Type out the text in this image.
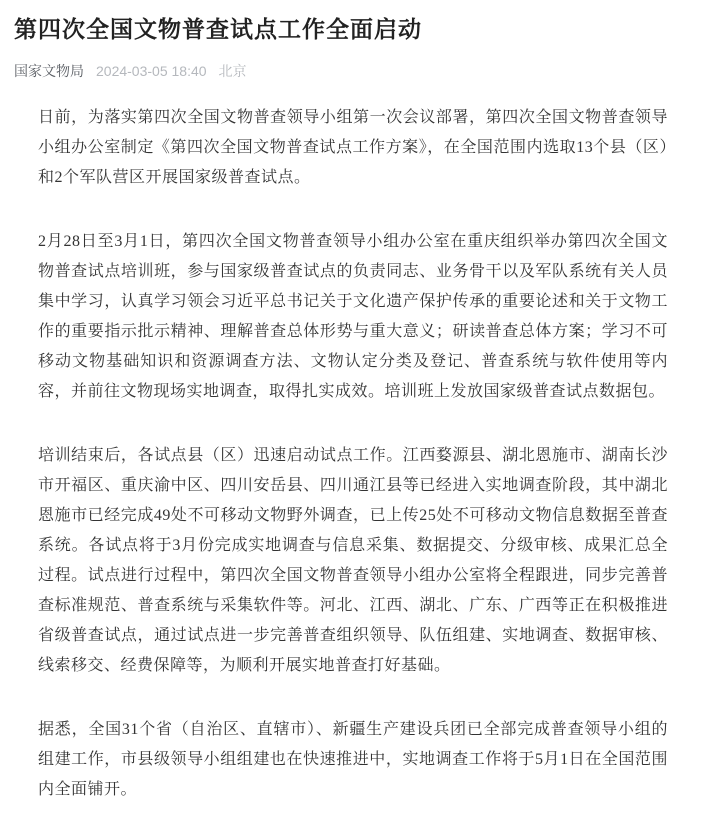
第四次全国文物普查试点工作全面启动
国家文物局 2024-03-05 18:40 北京

日前，为落实第四次全国文物普查领导小组第一次会议部署，第四次全国文物普查领导小组办公室制定《第四次全国文物普查试点工作方案》，在全国范围内选取13个县（区）和2个军队营区开展国家级普查试点。

2月28日至3月1日，第四次全国文物普查领导小组办公室在重庆组织举办第四次全国文物普查试点培训班，参与国家级普查试点的负责同志、业务骨干以及军队系统有关人员集中学习，认真学习领会习近平总书记关于文化遗产保护传承的重要论述和关于文物工作的重要指示批示精神、理解普查总体形势与重大意义；研读普查总体方案；学习不可移动文物基础知识和资源调查方法、文物认定分类及登记、普查系统与软件使用等内容，并前往文物现场实地调查，取得扎实成效。培训班上发放国家级普查试点数据包。

培训结束后，各试点县（区）迅速启动试点工作。江西婺源县、湖北恩施市、湖南长沙市开福区、重庆渝中区、四川安岳县、四川通江县等已经进入实地调查阶段，其中湖北恩施市已经完成49处不可移动文物野外调查，已上传25处不可移动文物信息数据至普查系统。各试点将于3月份完成实地调查与信息采集、数据提交、分级审核、成果汇总全过程。试点进行过程中，第四次全国文物普查领导小组办公室将全程跟进，同步完善普查标准规范、普查系统与采集软件等。河北、江西、湖北、广东、广西等正在积极推进省级普查试点，通过试点进一步完善普查组织领导、队伍组建、实地调查、数据审核、线索移交、经费保障等，为顺利开展实地普查打好基础。

据悉，全国31个省（自治区、直辖市）、新疆生产建设兵团已全部完成普查领导小组的组建工作，市县级领导小组组建也在快速推进中，实地调查工作将于5月1日在全国范围内全面铺开。
